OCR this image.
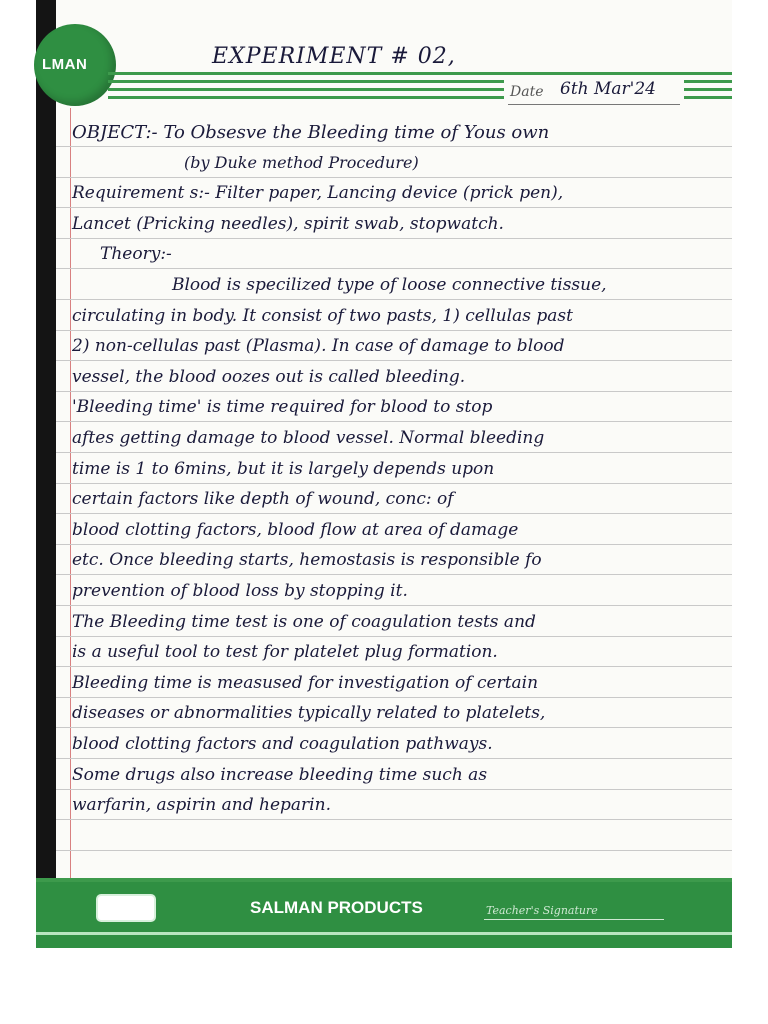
LMAN	EXPERIMENT # 02,
Date 6th Mar'24
OBJECT:- To Obsesve the Bleeding time of Yous own
(by Duke method Procedure)
Requirement s:- Filter paper, Lancing device (prick pen),
Lancet (Pricking needles), spirit swab, stopwatch.
Theory:-
Blood is specilized type of loose connective tissue,
circulating in body. It consist of two pasts, 1) cellulas past
2) non-cellulas past (Plasma). In case of damage to blood
vessel, the blood oozes out is called bleeding.
'Bleeding time' is time required for blood to stop
aftes getting damage to blood vessel. Normal bleeding
time is 1 to 6mins, but it is largely depends upon
certain factors like depth of wound, conc: of
blood clotting factors, blood flow at area of damage
etc. Once bleeding starts, hemostasis is responsible fo
prevention of blood loss by stopping it.
The Bleeding time test is one of coagulation tests and
is a useful tool to test for platelet plug formation.
Bleeding time is measused for investigation of certain
diseases or abnormalities typically related to platelets,
blood clotting factors and coagulation pathways.
Some drugs also increase bleeding time such as
warfarin, aspirin and heparin.
SALMAN PRODUCTS	Teacher's Signature
